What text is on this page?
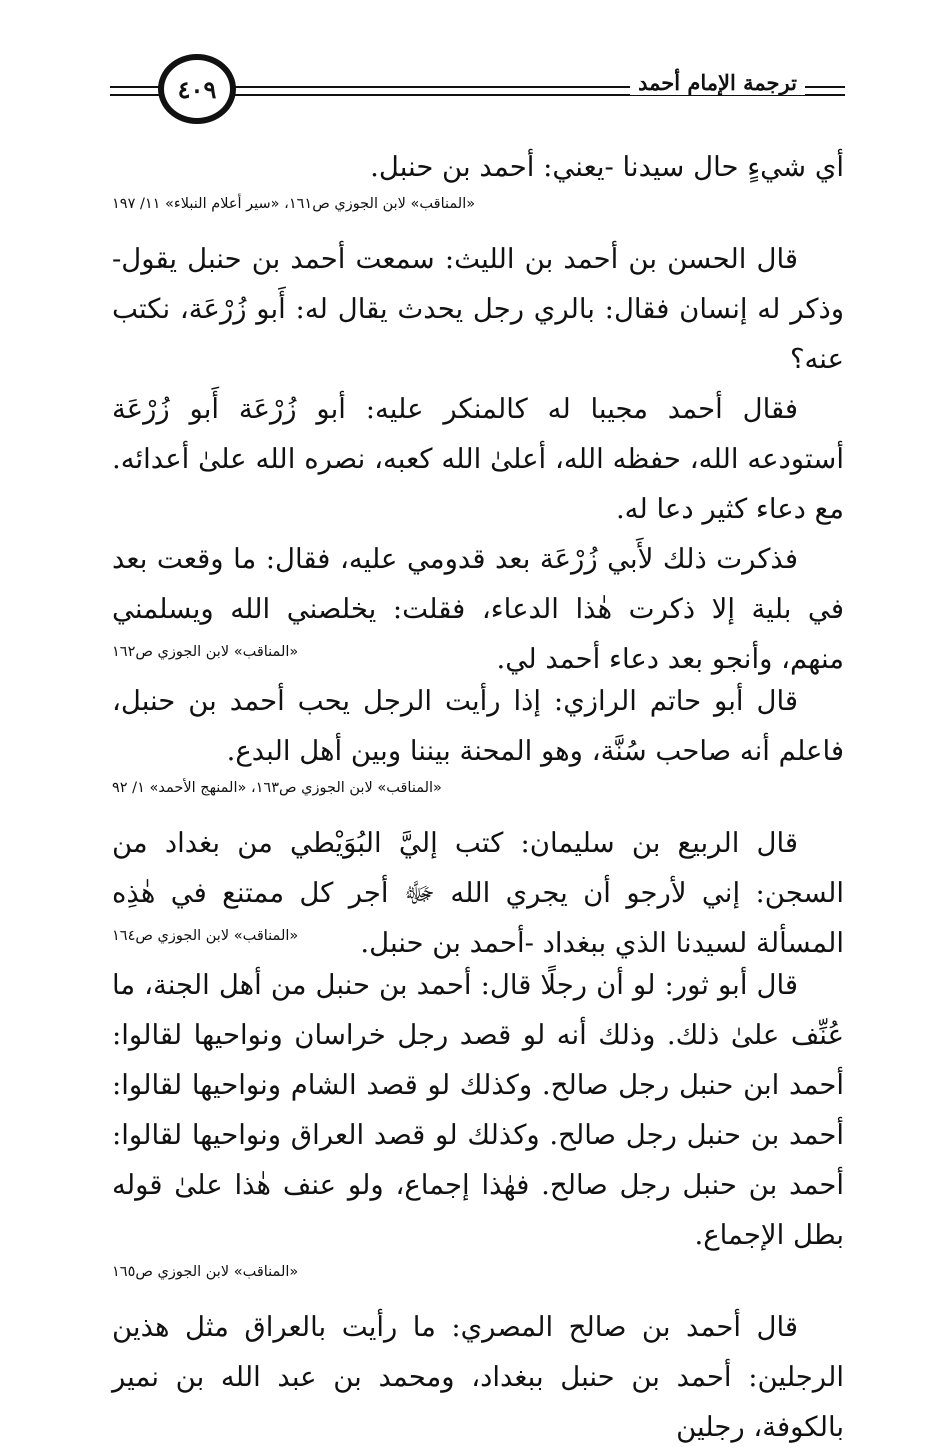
ترجمة الإمام أحمد
٤٠٩

أي شيءٍ حال سيدنا -يعني: أحمد بن حنبل.

«المناقب» لابن الجوزي ص١٦١، «سير أعلام النبلاء» ١١/ ١٩٧

قال الحسن بن أحمد بن الليث: سمعت أحمد بن حنبل يقول- وذكر له إنسان فقال: بالري رجل يحدث يقال له: أَبو زُرْعَة، نكتب عنه؟

فقال أحمد مجيبا له كالمنكر عليه: أبو زُرْعَة أَبو زُرْعَة أستودعه الله، حفظه الله، أعلىٰ الله كعبه، نصره الله علىٰ أعدائه. مع دعاء كثير دعا له.

فذكرت ذلك لأَبي زُرْعَة بعد قدومي عليه، فقال: ما وقعت بعد في بلية إلا ذكرت هٰذا الدعاء، فقلت: يخلصني الله ويسلمني منهم، وأنجو بعد دعاء أحمد لي.

«المناقب» لابن الجوزي ص١٦٢

قال أبو حاتم الرازي: إذا رأيت الرجل يحب أحمد بن حنبل، فاعلم أنه صاحب سُنَّة، وهو المحنة بيننا وبين أهل البدع.

«المناقب» لابن الجوزي ص١٦٣، «المنهج الأحمد» ١/ ٩٢

قال الربيع بن سليمان: كتب إليَّ البُوَيْطي من بغداد من السجن: إني لأرجو أن يجري الله ﷻ أجر كل ممتنع في هٰذِه المسألة لسيدنا الذي ببغداد -أحمد بن حنبل.

«المناقب» لابن الجوزي ص١٦٤

قال أبو ثور: لو أن رجلًا قال: أحمد بن حنبل من أهل الجنة، ما عُنِّف علىٰ ذلك. وذلك أنه لو قصد رجل خراسان ونواحيها لقالوا: أحمد ابن حنبل رجل صالح. وكذلك لو قصد الشام ونواحيها لقالوا: أحمد بن حنبل رجل صالح. وكذلك لو قصد العراق ونواحيها لقالوا: أحمد بن حنبل رجل صالح. فهٰذا إجماع، ولو عنف هٰذا علىٰ قوله بطل الإجماع.

«المناقب» لابن الجوزي ص١٦٥

قال أحمد بن صالح المصري: ما رأيت بالعراق مثل هذين الرجلين: أحمد بن حنبل ببغداد، ومحمد بن عبد الله بن نمير بالكوفة، رجلين
